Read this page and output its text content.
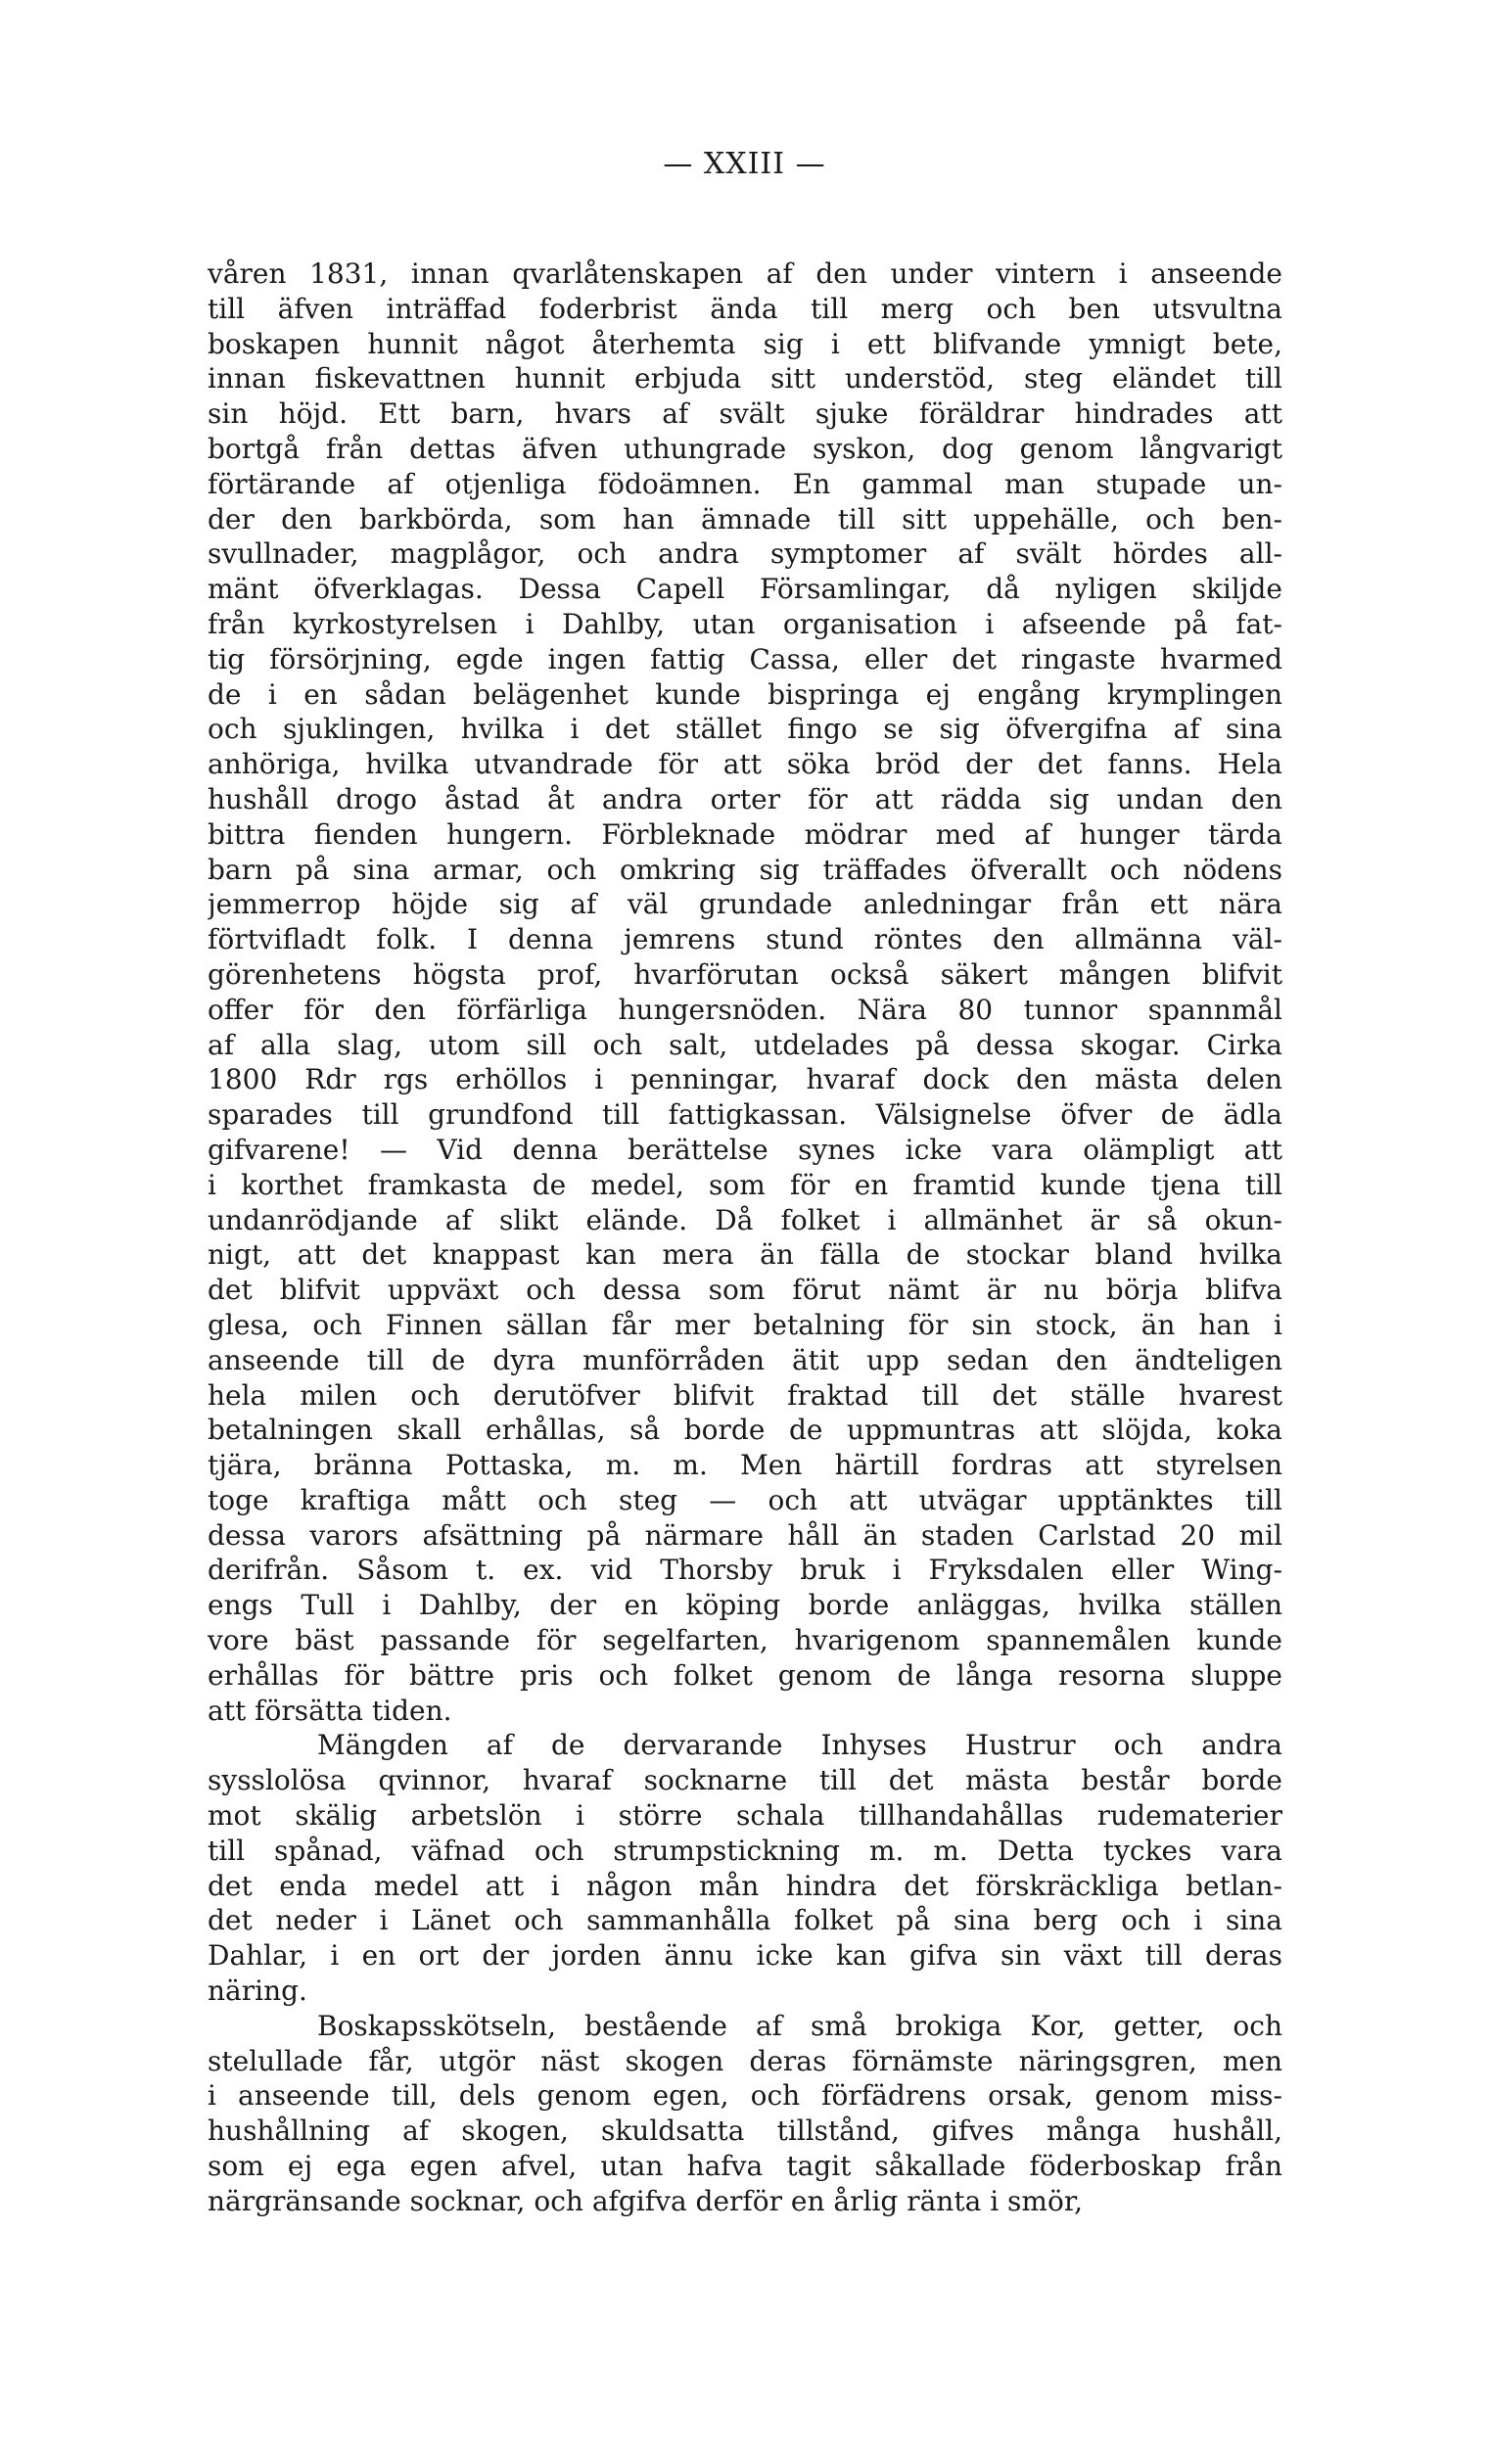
— XXIII —
våren 1831, innan qvarlåtenskapen af den under vintern i anseende
till äfven inträffad foderbrist ända till merg och ben utsvultna
boskapen hunnit något återhemta sig i ett blifvande ymnigt bete,
innan fiskevattnen hunnit erbjuda sitt understöd, steg eländet till
sin höjd. Ett barn, hvars af svält sjuke föräldrar hindrades att
bortgå från dettas äfven uthungrade syskon, dog genom långvarigt
förtärande af otjenliga födoämnen. En gammal man stupade un-
der den barkbörda, som han ämnade till sitt uppehälle, och ben-
svullnader, magplågor, och andra symptomer af svält hördes all-
mänt öfverklagas. Dessa Capell Församlingar, då nyligen skiljde
från kyrkostyrelsen i Dahlby, utan organisation i afseende på fat-
tig försörjning, egde ingen fattig Cassa, eller det ringaste hvarmed
de i en sådan belägenhet kunde bispringa ej engång krymplingen
och sjuklingen, hvilka i det stället fingo se sig öfvergifna af sina
anhöriga, hvilka utvandrade för att söka bröd der det fanns. Hela
hushåll drogo åstad åt andra orter för att rädda sig undan den
bittra fienden hungern. Förbleknade mödrar med af hunger tärda
barn på sina armar, och omkring sig träffades öfverallt och nödens
jemmerrop höjde sig af väl grundade anledningar från ett nära
förtvifladt folk. I denna jemrens stund röntes den allmänna väl-
görenhetens högsta prof, hvarförutan också säkert mången blifvit
offer för den förfärliga hungersnöden. Nära 80 tunnor spannmål
af alla slag, utom sill och salt, utdelades på dessa skogar. Cirka
1800 Rdr rgs erhöllos i penningar, hvaraf dock den mästa delen
sparades till grundfond till fattigkassan. Välsignelse öfver de ädla
gifvarene! — Vid denna berättelse synes icke vara olämpligt att
i korthet framkasta de medel, som för en framtid kunde tjena till
undanrödjande af slikt elände. Då folket i allmänhet är så okun-
nigt, att det knappast kan mera än fälla de stockar bland hvilka
det blifvit uppväxt och dessa som förut nämt är nu börja blifva
glesa, och Finnen sällan får mer betalning för sin stock, än han i
anseende till de dyra munförråden ätit upp sedan den ändteligen
hela milen och derutöfver blifvit fraktad till det ställe hvarest
betalningen skall erhållas, så borde de uppmuntras att slöjda, koka
tjära, bränna Pottaska, m. m. Men härtill fordras att styrelsen
toge kraftiga mått och steg — och att utvägar upptänktes till
dessa varors afsättning på närmare håll än staden Carlstad 20 mil
derifrån. Såsom t. ex. vid Thorsby bruk i Fryksdalen eller Wing-
engs Tull i Dahlby, der en köping borde anläggas, hvilka ställen
vore bäst passande för segelfarten, hvarigenom spannemålen kunde
erhållas för bättre pris och folket genom de långa resorna sluppe
att försätta tiden.
Mängden af de dervarande Inhyses Hustrur och andra
sysslolösa qvinnor, hvaraf socknarne till det mästa består borde
mot skälig arbetslön i större schala tillhandahållas rudematerier
till spånad, väfnad och strumpstickning m. m. Detta tyckes vara
det enda medel att i någon mån hindra det förskräckliga betlan-
det neder i Länet och sammanhålla folket på sina berg och i sina
Dahlar, i en ort der jorden ännu icke kan gifva sin växt till deras
näring.
Boskapsskötseln, bestående af små brokiga Kor, getter, och
stelullade får, utgör näst skogen deras förnämste näringsgren, men
i anseende till, dels genom egen, och förfädrens orsak, genom miss-
hushållning af skogen, skuldsatta tillstånd, gifves många hushåll,
som ej ega egen afvel, utan hafva tagit såkallade föderboskap från
närgränsande socknar, och afgifva derför en årlig ränta i smör,
